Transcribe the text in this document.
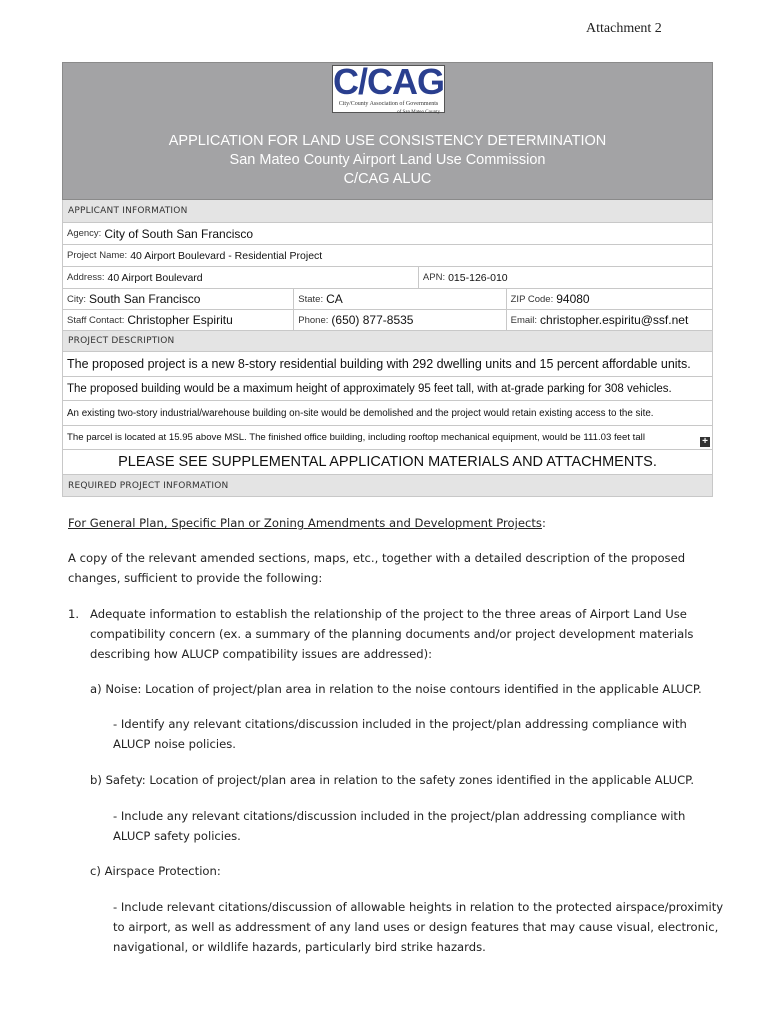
Attachment 2
C/CAG
City/County Association of Governments
of San Mateo County
APPLICATION FOR LAND USE CONSISTENCY DETERMINATION
San Mateo County Airport Land Use Commission
C/CAG ALUC
APPLICANT INFORMATION
Agency: City of South San Francisco
Project Name: 40 Airport Boulevard - Residential Project
Address: 40 Airport Boulevard	APN: 015-126-010
City: South San Francisco	State: CA	ZIP Code: 94080
Staff Contact: Christopher Espiritu	Phone: (650) 877-8535	Email: christopher.espiritu@ssf.net
PROJECT DESCRIPTION
The proposed project is a new 8-story residential building with 292 dwelling units and 15 percent affordable units.
The proposed building would be a maximum height of approximately 95 feet tall, with at-grade parking for 308 vehicles.
An existing two-story industrial/warehouse building on-site would be demolished and the project would retain existing access to the site.
The parcel is located at 15.95 above MSL. The finished office building, including rooftop mechanical equipment, would be 111.03 feet tall	+
PLEASE SEE SUPPLEMENTAL APPLICATION MATERIALS AND ATTACHMENTS.
REQUIRED PROJECT INFORMATION

For General Plan, Specific Plan or Zoning Amendments and Development Projects:

A copy of the relevant amended sections, maps, etc., together with a detailed description of the proposed

changes, sufficient to provide the following:

1. Adequate information to establish the relationship of the project to the three areas of Airport Land Use

compatibility concern (ex. a summary of the planning documents and/or project development materials

describing how ALUCP compatibility issues are addressed):

a) Noise: Location of project/plan area in relation to the noise contours identified in the applicable ALUCP.

- Identify any relevant citations/discussion included in the project/plan addressing compliance with

ALUCP noise policies.

b) Safety: Location of project/plan area in relation to the safety zones identified in the applicable ALUCP.

- Include any relevant citations/discussion included in the project/plan addressing compliance with

ALUCP safety policies.

c) Airspace Protection:

- Include relevant citations/discussion of allowable heights in relation to the protected airspace/proximity

to airport, as well as addressment of any land uses or design features that may cause visual, electronic,

navigational, or wildlife hazards, particularly bird strike hazards.
